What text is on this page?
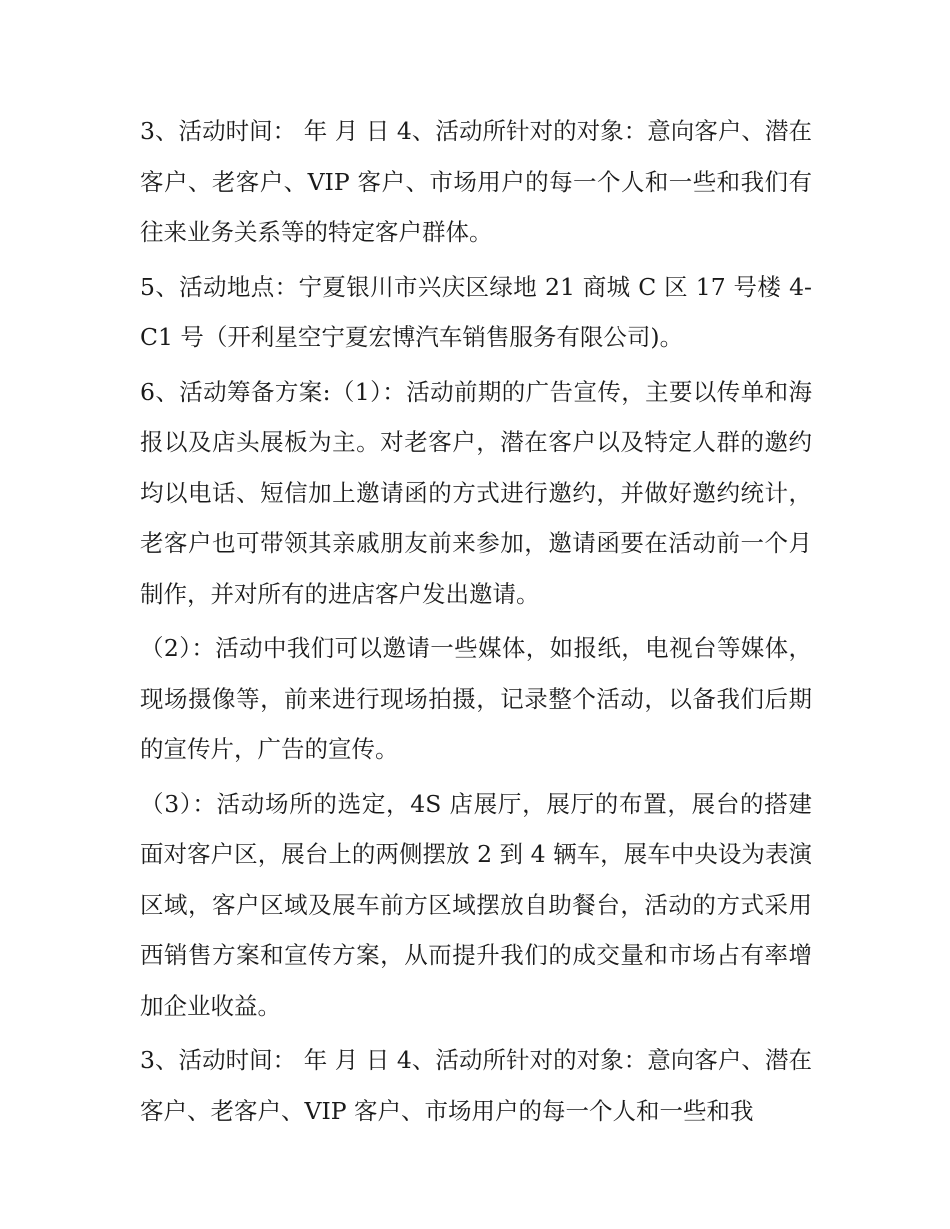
3、活动时间： 年 月 日 4、活动所针对的对象：意向客户、潜在客户、老客户、VIP 客户、市场用户的每一个人和一些和我们有往来业务关系等的特定客户群体。

5、活动地点：宁夏银川市兴庆区绿地 21 商城 C 区 17 号楼 4-C1 号（开利星空宁夏宏博汽车销售服务有限公司)。

6、活动筹备方案:（1）：活动前期的广告宣传，主要以传单和海报以及店头展板为主。对老客户，潜在客户以及特定人群的邀约均以电话、短信加上邀请函的方式进行邀约，并做好邀约统计，老客户也可带领其亲戚朋友前来参加，邀请函要在活动前一个月制作，并对所有的进店客户发出邀请。

（2）：活动中我们可以邀请一些媒体，如报纸，电视台等媒体，现场摄像等，前来进行现场拍摄，记录整个活动，以备我们后期的宣传片，广告的宣传。

（3）：活动场所的选定，4S 店展厅，展厅的布置，展台的搭建面对客户区，展台上的两侧摆放 2 到 4 辆车，展车中央设为表演区域，客户区域及展车前方区域摆放自助餐台，活动的方式采用西销售方案和宣传方案，从而提升我们的成交量和市场占有率增加企业收益。

3、活动时间： 年 月 日 4、活动所针对的对象：意向客户、潜在客户、老客户、VIP 客户、市场用户的每一个人和一些和我
